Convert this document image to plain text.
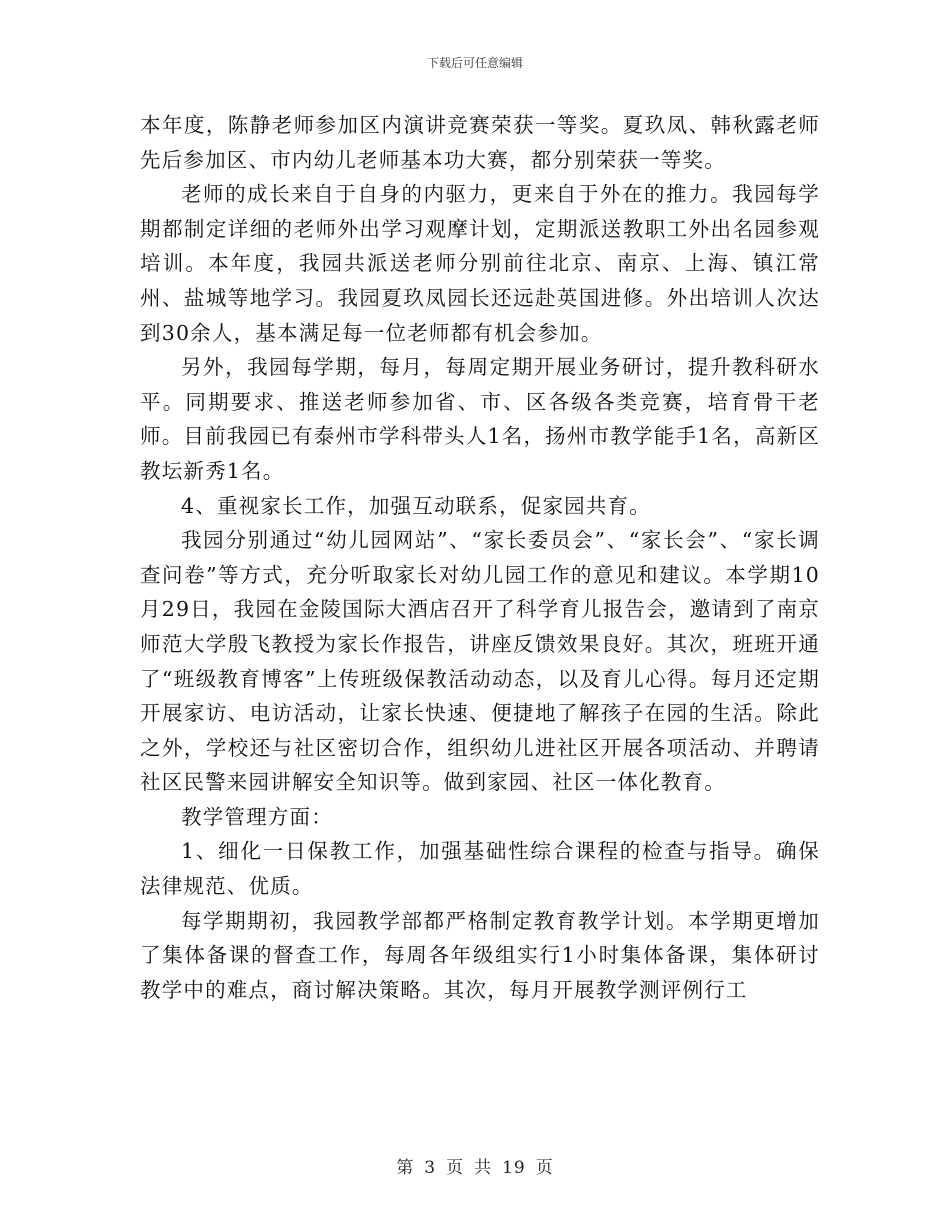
下载后可任意编辑

本年度，陈静老师参加区内演讲竞赛荣获一等奖。夏玖凤、韩秋露老师先后参加区、市内幼儿老师基本功大赛，都分别荣获一等奖。

老师的成长来自于自身的内驱力，更来自于外在的推力。我园每学期都制定详细的老师外出学习观摩计划，定期派送教职工外出名园参观培训。本年度，我园共派送老师分别前往北京、南京、上海、镇江常州、盐城等地学习。我园夏玖凤园长还远赴英国进修。外出培训人次达到30余人，基本满足每一位老师都有机会参加。

另外，我园每学期，每月，每周定期开展业务研讨，提升教科研水平。同期要求、推送老师参加省、市、区各级各类竞赛，培育骨干老师。目前我园已有泰州市学科带头人1名，扬州市教学能手1名，高新区教坛新秀1名。

4、重视家长工作，加强互动联系，促家园共育。

我园分别通过“幼儿园网站”、“家长委员会”、“家长会”、“家长调查问卷”等方式，充分听取家长对幼儿园工作的意见和建议。本学期10月29日，我园在金陵国际大酒店召开了科学育儿报告会，邀请到了南京师范大学殷飞教授为家长作报告，讲座反馈效果良好。其次，班班开通了“班级教育博客”上传班级保教活动动态，以及育儿心得。每月还定期开展家访、电访活动，让家长快速、便捷地了解孩子在园的生活。除此之外，学校还与社区密切合作，组织幼儿进社区开展各项活动、并聘请社区民警来园讲解安全知识等。做到家园、社区一体化教育。

教学管理方面：

1、细化一日保教工作，加强基础性综合课程的检查与指导。确保法律规范、优质。

每学期期初，我园教学部都严格制定教育教学计划。本学期更增加了集体备课的督查工作，每周各年级组实行1小时集体备课，集体研讨教学中的难点，商讨解决策略。其次，每月开展教学测评例行工

第 3 页 共 19 页
